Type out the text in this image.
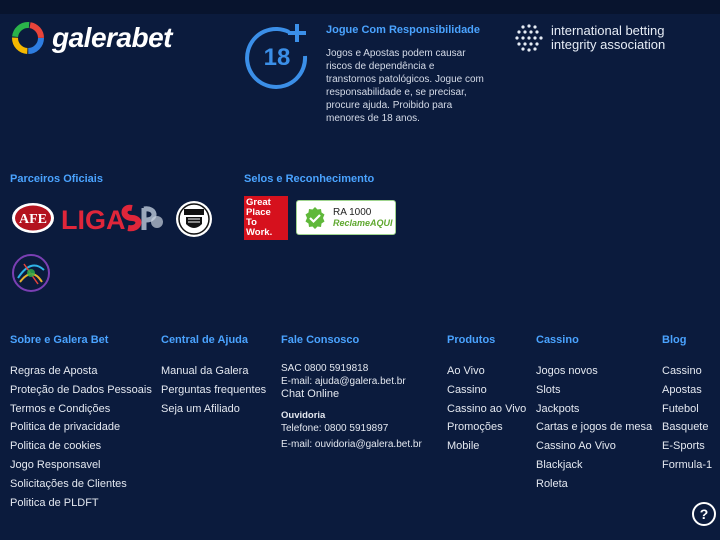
galerabet
18
Jogue Com Responsibilidade
Jogos e Apostas podem causar riscos de dependência e transtornos patológicos. Jogue com responsabilidade e, se precisar, procure ajuda. Proibido para menores de 18 anos.
international betting
integrity association
Parceiros Oficiais
AFE LIGA
Selos e Reconhecimento
Great
Place
To
Work.
RA 1000
ReclameAQUI
Sobre e Galera Bet
Regras de Aposta
Proteção de Dados Pessoais
Termos e Condições
Politica de privacidade
Politica de cookies
Jogo Responsavel
Solicitações de Clientes
Politica de PLDFT
Central de Ajuda
Manual da Galera
Perguntas frequentes
Seja um Afiliado
Fale Consosco
SAC 0800 5919818
E-mail: ajuda@galera.bet.br
Chat Online
Ouvidoria
Telefone: 0800 5919897
E-mail: ouvidoria@galera.bet.br
Produtos
Ao Vivo
Cassino
Cassino ao Vivo
Promoções
Mobile
Cassino
Jogos novos
Slots
Jackpots
Cartas e jogos de mesa
Cassino Ao Vivo
Blackjack
Roleta
Blog
Cassino
Apostas
Futebol
Basquete
E-Sports
Formula-1
?
